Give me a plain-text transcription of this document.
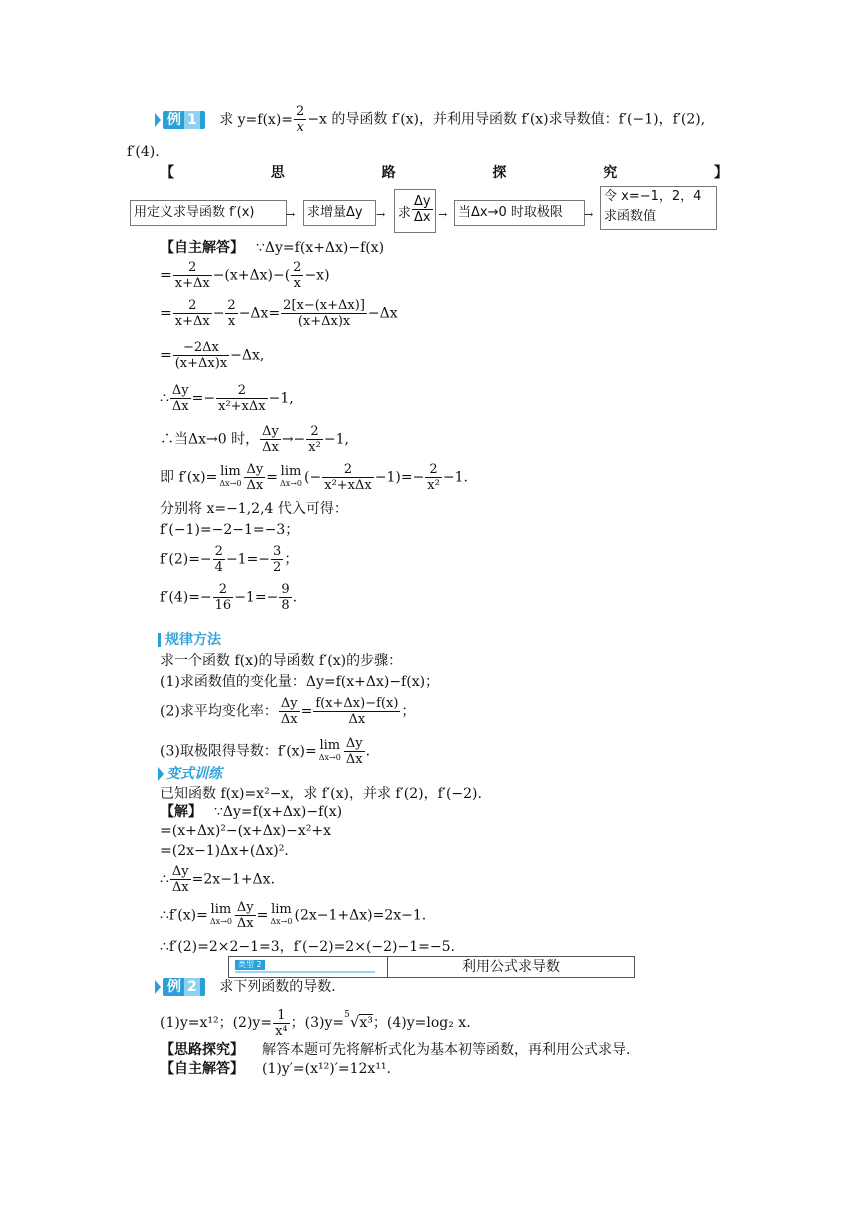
例 1 求 $y=f(x)= \frac{2}{x} -x$ 的导函数 f′(x)，并利用导函数 f′(x)求导数值：f′(−1)，f′(2),
f′(4).
【	思	路	探	究	】
用定义求导函数 f′(x)	→ 求增量Δy	→ 求 $\frac{\Delta y}{\Delta x}$ → 当Δx→0 时取极限	→
令 x=−1，2，4
求函数值
【自主解答】 ∵Δy=f(x+Δx)−f(x)
= $\frac{2}{x+\Delta x} -(x+\Delta x)-( \frac{2}{x} -x)$
= $\frac{2}{x+\Delta x} - \frac{2}{x} -\Delta x= \frac{2[x-(x+\Delta x)]}{(x+\Delta x)x} -\Delta x$
= $\frac{-2\Delta x}{(x+\Delta x)x} -\Delta x$,
∴ $\frac{\Delta y}{\Delta x} =- \frac{2}{\text{x²+xΔx}} -1$,
∴当Δx→0 时， $\frac{\Delta y}{\Delta x} \to- \frac{2}{\text{x²}} -1$,
即 f′(x)= lim
$\Delta x\to 0 \frac{\Delta y}{\Delta x} = \lim$
Δx→0 (− $\frac{2}{\text{x²+xΔx}} -1)=- \frac{2}{\text{x²}} -1$.
分别将 x=−1,2,4 代入可得：
f′(−1)=−2−1=−3；
$f'(2)=- \frac{2}{4} -1=- \frac{3}{2}$ ；
$f'(4)=- \frac{2}{16} -1=- \frac{9}{8}$ .
规律方法
求一个函数 f(x)的导函数 f′(x)的步骤：
(1)求函数值的变化量：Δy=f(x+Δx)−f(x)；
(2)求平均变化率： $\frac{\Delta y}{\Delta x} = \frac{f(x+\Delta x)-f(x)}{\Delta x}$ ；
(3)取极限得导数：f′(x)= lim
$\Delta x\to 0 \frac{\Delta y}{\Delta x}$ .
变式训练
已知函数 f(x)=x²−x，求 f′(x)，并求 f′(2)，f′(−2).
【解】 ∵Δy=f(x+Δx)−f(x)
=(x+Δx)²−(x+Δx)−x²+x
=(2x−1)Δx+(Δx)².
∴ $\frac{\Delta y}{\Delta x} =2x-1+\Delta x$.
∴f′(x)= lim
$\Delta x\to 0 \frac{\Delta y}{\Delta x} = \lim$
Δx→0 (2x−1+Δx)=2x−1.
∴f′(2)=2×2−1=3，f′(−2)=2×(−2)−1=−5.
类型 2	利用公式求导数
例 2 求下列函数的导数.
(1)y=x¹²；$(2)y= \frac{1}{\text{x⁴}}$ ；(3)y=$^5$√x³；(4)y=log₂ x.
【思路探究】 解答本题可先将解析式化为基本初等函数，再利用公式求导.
【自主解答】 (1)y′=(x¹²)′=12x¹¹.
